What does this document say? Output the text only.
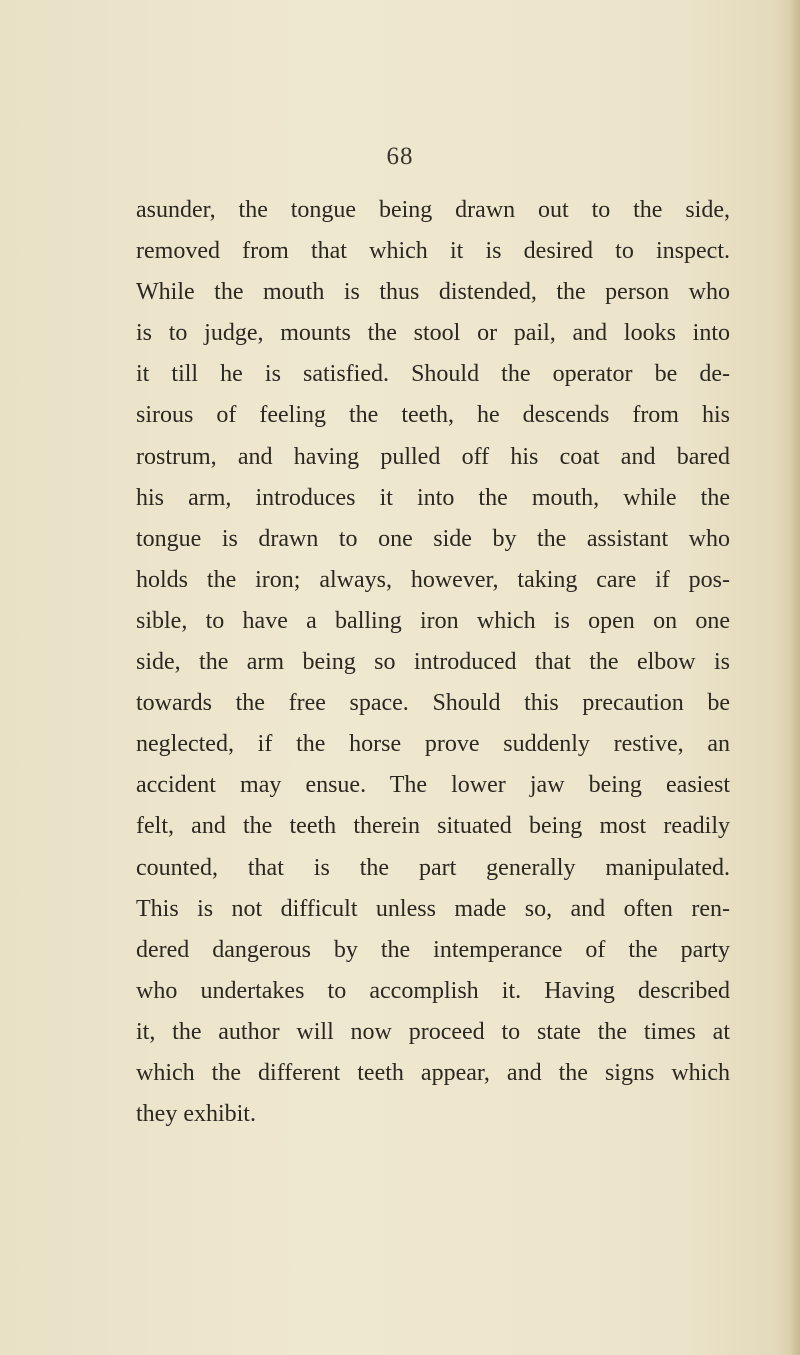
68
asunder, the tongue being drawn out to the side,
removed from that which it is desired to inspect.
While the mouth is thus distended, the person who
is to judge, mounts the stool or pail, and looks into
it till he is satisfied. Should the operator be de-
sirous of feeling the teeth, he descends from his
rostrum, and having pulled off his coat and bared
his arm, introduces it into the mouth, while the
tongue is drawn to one side by the assistant who
holds the iron; always, however, taking care if pos-
sible, to have a balling iron which is open on one
side, the arm being so introduced that the elbow is
towards the free space. Should this precaution be
neglected, if the horse prove suddenly restive, an
accident may ensue. The lower jaw being easiest
felt, and the teeth therein situated being most readily
counted, that is the part generally manipulated.
This is not difficult unless made so, and often ren-
dered dangerous by the intemperance of the party
who undertakes to accomplish it. Having described
it, the author will now proceed to state the times at
which the different teeth appear, and the signs which
they exhibit.
